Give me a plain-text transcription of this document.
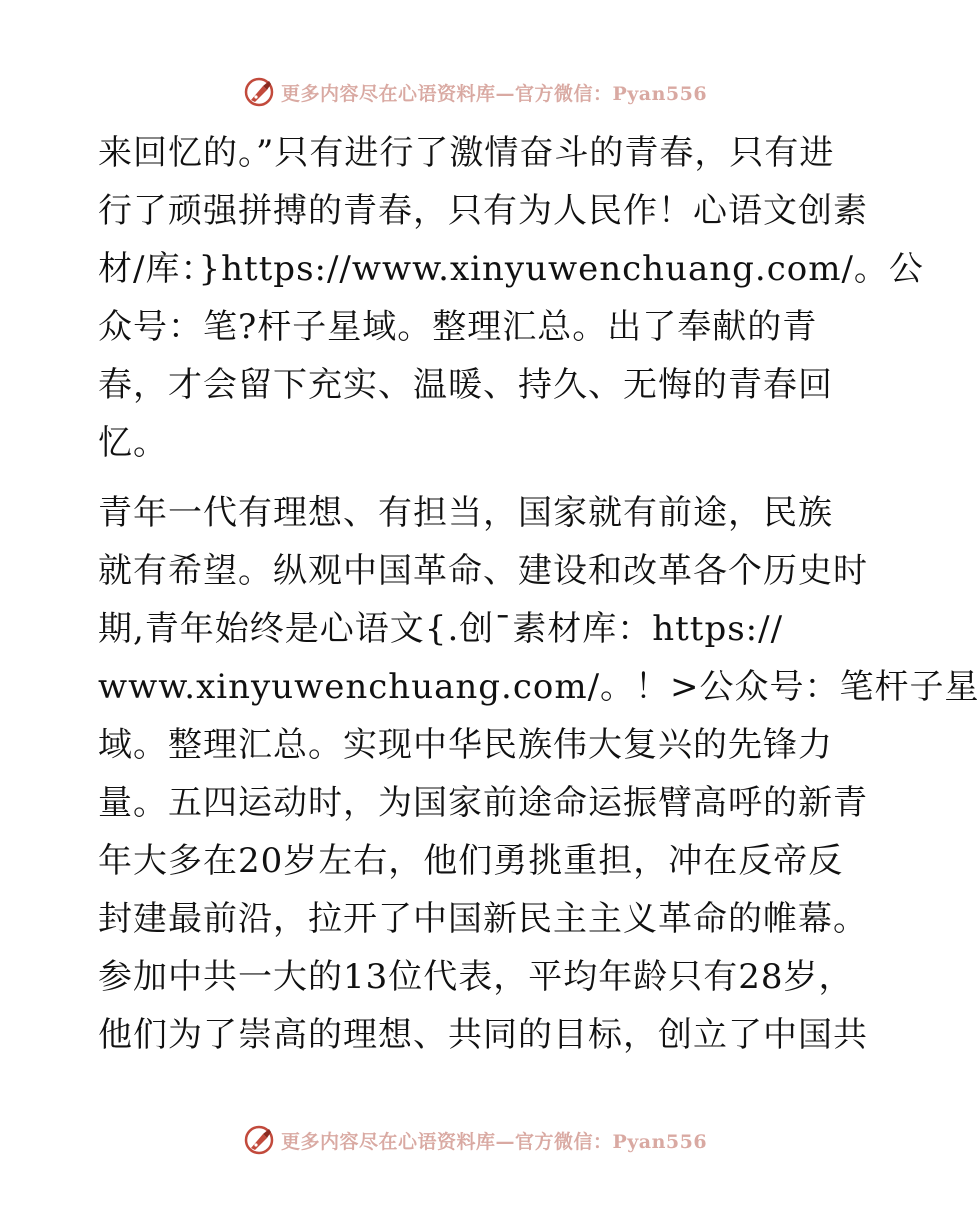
更多内容尽在心语资料库—官方微信：Pyan556

来回忆的。”只有进行了激情奋斗的青春，只有进

行了顽强拼搏的青春，只有为人民作！心语文创素

材/库：}https://www.xinyuwenchuang.com/。公

众号：笔?杆子星域。整理汇总。出了奉献的青

春，才会留下充实、温暖、持久、无悔的青春回

忆。

青年一代有理想、有担当，国家就有前途，民族

就有希望。纵观中国革命、建设和改革各个历史时

期,青年始终是心语文{.创¯素材库：https://

www.xinyuwenchuang.com/。！>公众号：笔杆子星

域。整理汇总。实现中华民族伟大复兴的先锋力

量。五四运动时，为国家前途命运振臂高呼的新青

年大多在20岁左右，他们勇挑重担，冲在反帝反

封建最前沿，拉开了中国新民主主义革命的帷幕。

参加中共一大的13位代表，平均年龄只有28岁，

他们为了崇高的理想、共同的目标，创立了中国共

更多内容尽在心语资料库—官方微信：Pyan556
